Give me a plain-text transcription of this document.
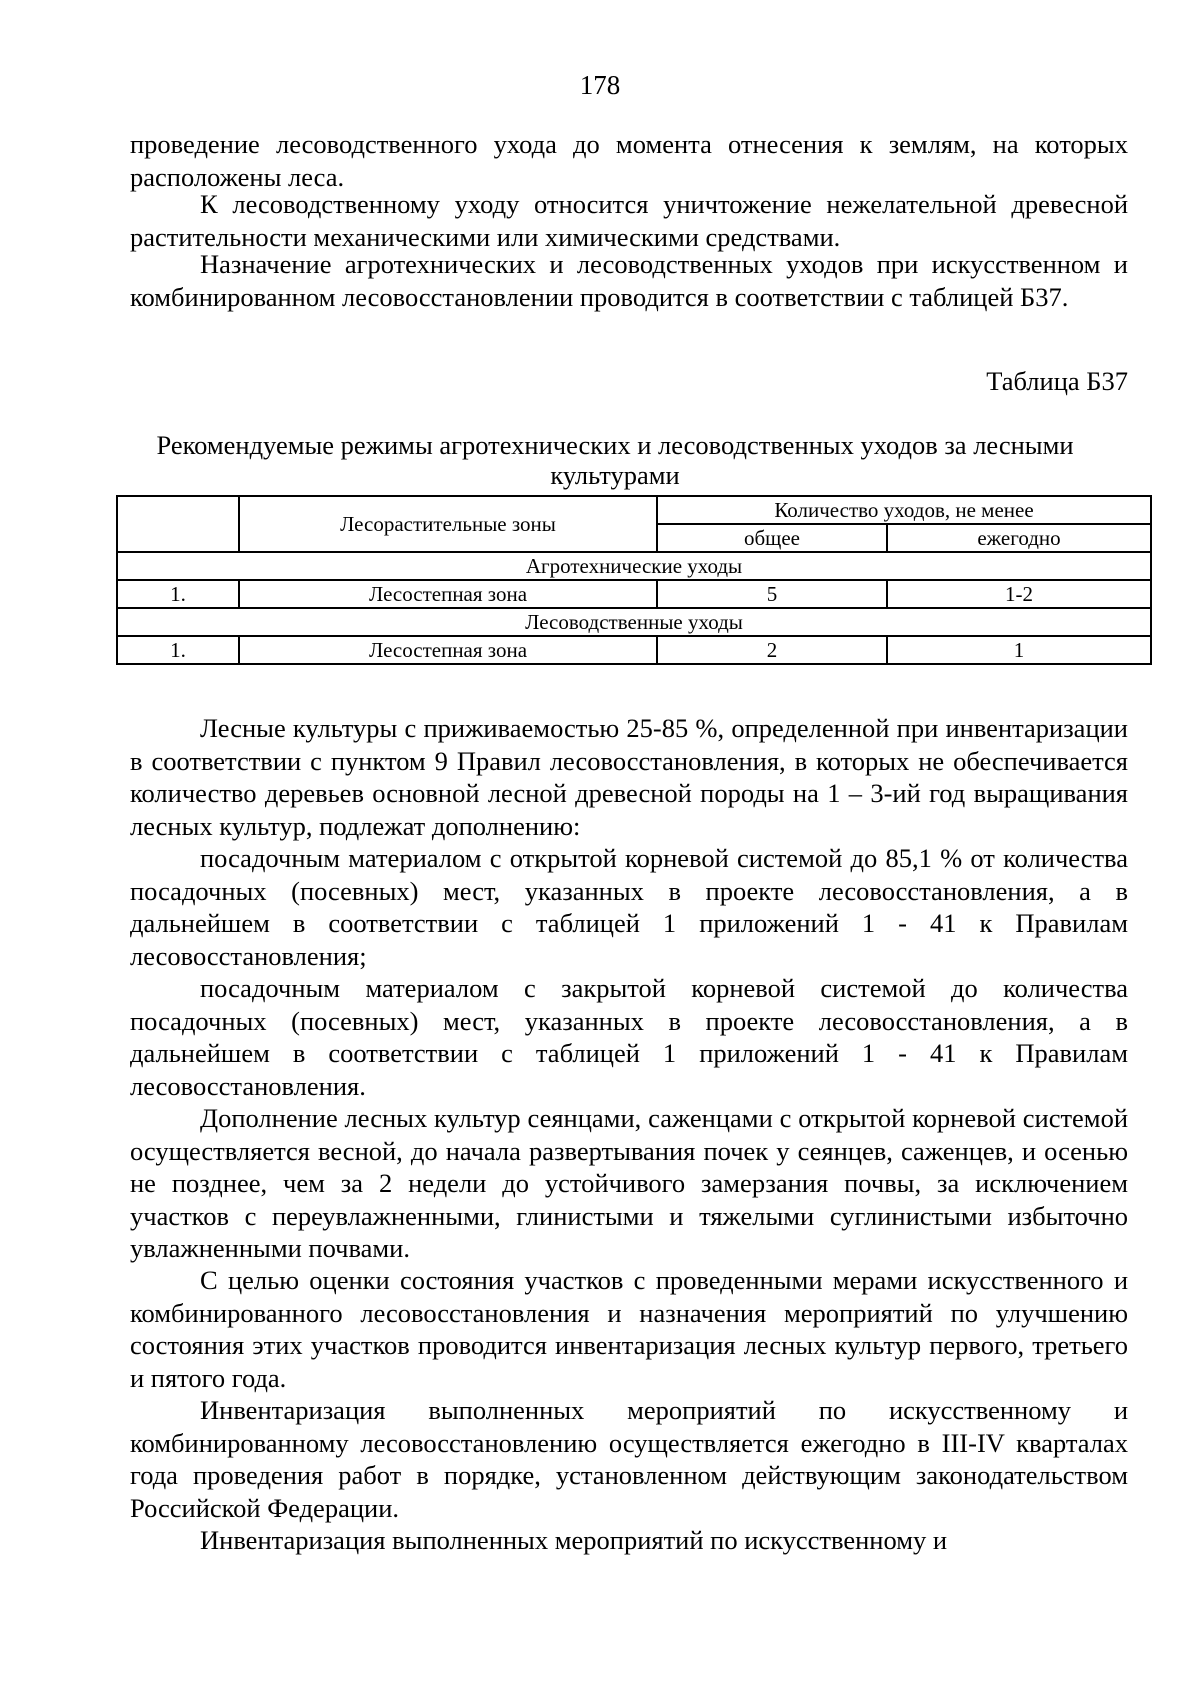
178

проведение лесоводственного ухода до момента отнесения к землям, на которых расположены леса.

К лесоводственному уходу относится уничтожение нежелательной древесной растительности механическими или химическими средствами.

Назначение агротехнических и лесоводственных уходов при искусственном и комбинированном лесовосстановлении проводится в соответствии с таблицей Б37.

Таблица Б37
Рекомендуемые режимы агротехнических и лесоводственных уходов за лесными культурами
	Лесорастительные зоны	Количество уходов, не менее	
		общее	ежегодно
Агротехнические уходы			
1.	Лесостепная зона	5	1-2
Лесоводственные уходы			
1.	Лесостепная зона	2	1

Лесные культуры с приживаемостью 25-85 %, определенной при инвентаризации в соответствии с пунктом 9 Правил лесовосстановления, в которых не обеспечивается количество деревьев основной лесной древесной породы на 1 – 3-ий год выращивания лесных культур, подлежат дополнению:

посадочным материалом с открытой корневой системой до 85,1 % от количества посадочных (посевных) мест, указанных в проекте лесовосстановления, а в дальнейшем в соответствии с таблицей 1 приложений 1 - 41 к Правилам лесовосстановления;

посадочным материалом с закрытой корневой системой до количества посадочных (посевных) мест, указанных в проекте лесовосстановления, а в дальнейшем в соответствии с таблицей 1 приложений 1 - 41 к Правилам лесовосстановления.

Дополнение лесных культур сеянцами, саженцами с открытой корневой системой осуществляется весной, до начала развертывания почек у сеянцев, саженцев, и осенью не позднее, чем за 2 недели до устойчивого замерзания почвы, за исключением участков с переувлажненными, глинистыми и тяжелыми суглинистыми избыточно увлажненными почвами.

С целью оценки состояния участков с проведенными мерами искусственного и комбинированного лесовосстановления и назначения мероприятий по улучшению состояния этих участков проводится инвентаризация лесных культур первого, третьего и пятого года.

Инвентаризация выполненных мероприятий по искусственному и комбинированному лесовосстановлению осуществляется ежегодно в III-IV кварталах года проведения работ в порядке, установленном действующим законодательством Российской Федерации.

Инвентаризация выполненных мероприятий по искусственному и
